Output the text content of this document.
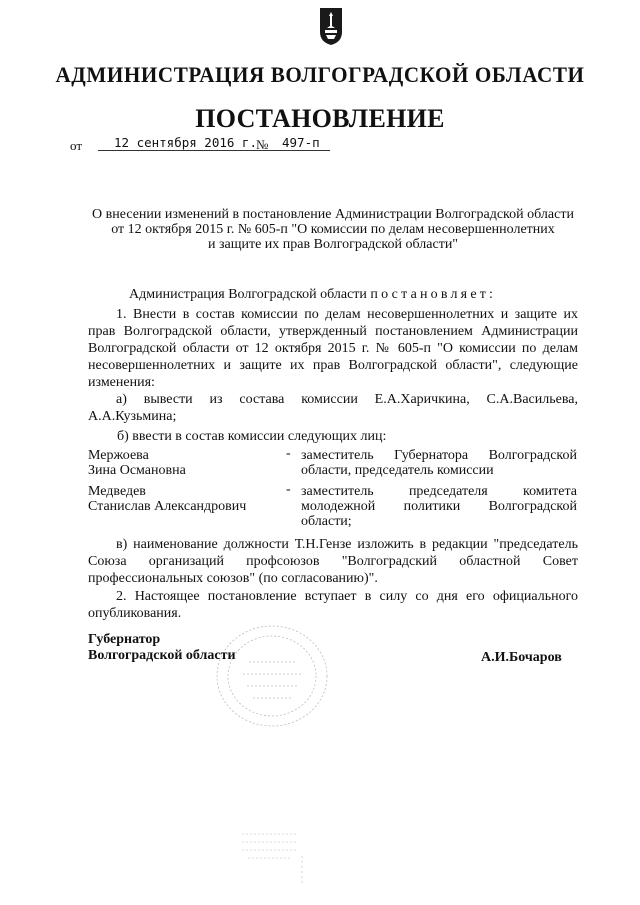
АДМИНИСТРАЦИЯ ВОЛГОГРАДСКОЙ ОБЛАСТИ
ПОСТАНОВЛЕНИЕ
от	12 сентября 2016 г. №	497-п
О внесении изменений в постановление Администрации Волгоградской области
от 12 октября 2015 г. № 605-п "О комиссии по делам несовершеннолетних
и защите их прав Волгоградской области"
Администрация Волгоградской области постановляет:
1. Внести в состав комиссии по делам несовершеннолетних и защите их прав Волгоградской области, утвержденный постановлением Администрации Волгоградской области от 12 октября 2015 г. № 605-п "О комиссии по делам несовершеннолетних и защите их прав Волгоградской области", следующие изменения:
а) вывести из состава комиссии Е.А.Харичкина, С.А.Васильева, А.А.Кузьмина;
б) ввести в состав комиссии следующих лиц:
Мержоева
Зина Османовна
- заместитель Губернатора Волгоградской области, председатель комиссии
Медведев
Станислав Александрович
- заместитель председателя комитета молодежной политики Волгоградской области;
в) наименование должности Т.Н.Гензе изложить в редакции "председатель Союза организаций профсоюзов "Волгоградский областной Совет профессиональных союзов" (по согласованию)".
2. Настоящее постановление вступает в силу со дня его официального опубликования.
Губернатор
Волгоградской области	А.И.Бочаров
